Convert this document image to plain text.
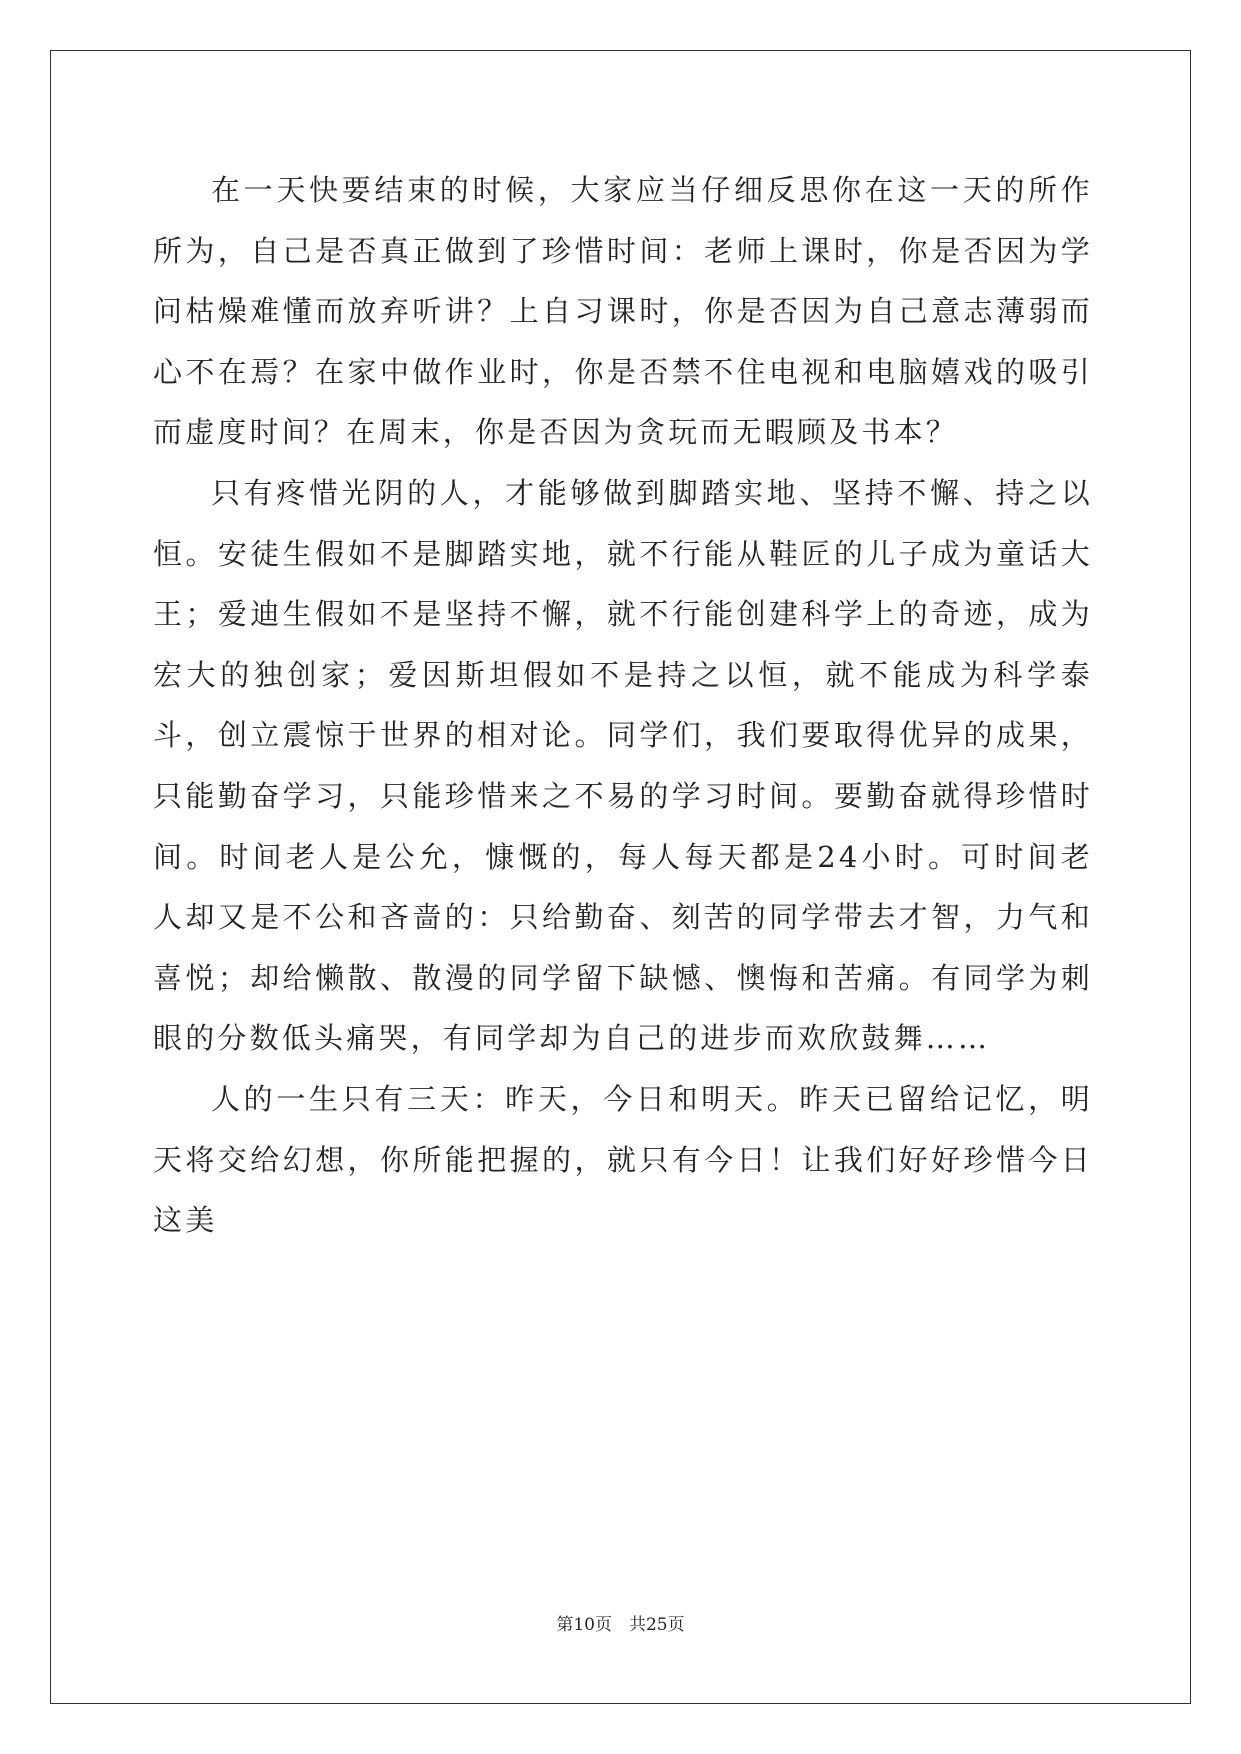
在一天快要结束的时候，大家应当仔细反思你在这一天的所作所为，自己是否真正做到了珍惜时间：老师上课时，你是否因为学问枯燥难懂而放弃听讲？上自习课时，你是否因为自己意志薄弱而心不在焉？在家中做作业时，你是否禁不住电视和电脑嬉戏的吸引而虚度时间？在周末，你是否因为贪玩而无暇顾及书本？

只有疼惜光阴的人，才能够做到脚踏实地、坚持不懈、持之以恒。安徒生假如不是脚踏实地，就不行能从鞋匠的儿子成为童话大王；爱迪生假如不是坚持不懈，就不行能创建科学上的奇迹，成为宏大的独创家；爱因斯坦假如不是持之以恒，就不能成为科学泰斗，创立震惊于世界的相对论。同学们，我们要取得优异的成果，只能勤奋学习，只能珍惜来之不易的学习时间。要勤奋就得珍惜时间。时间老人是公允，慷慨的，每人每天都是24小时。可时间老人却又是不公和吝啬的：只给勤奋、刻苦的同学带去才智，力气和喜悦；却给懒散、散漫的同学留下缺憾、懊悔和苦痛。有同学为刺眼的分数低头痛哭，有同学却为自己的进步而欢欣鼓舞……

人的一生只有三天：昨天，今日和明天。昨天已留给记忆，明天将交给幻想，你所能把握的，就只有今日！让我们好好珍惜今日这美

第10页　共25页
